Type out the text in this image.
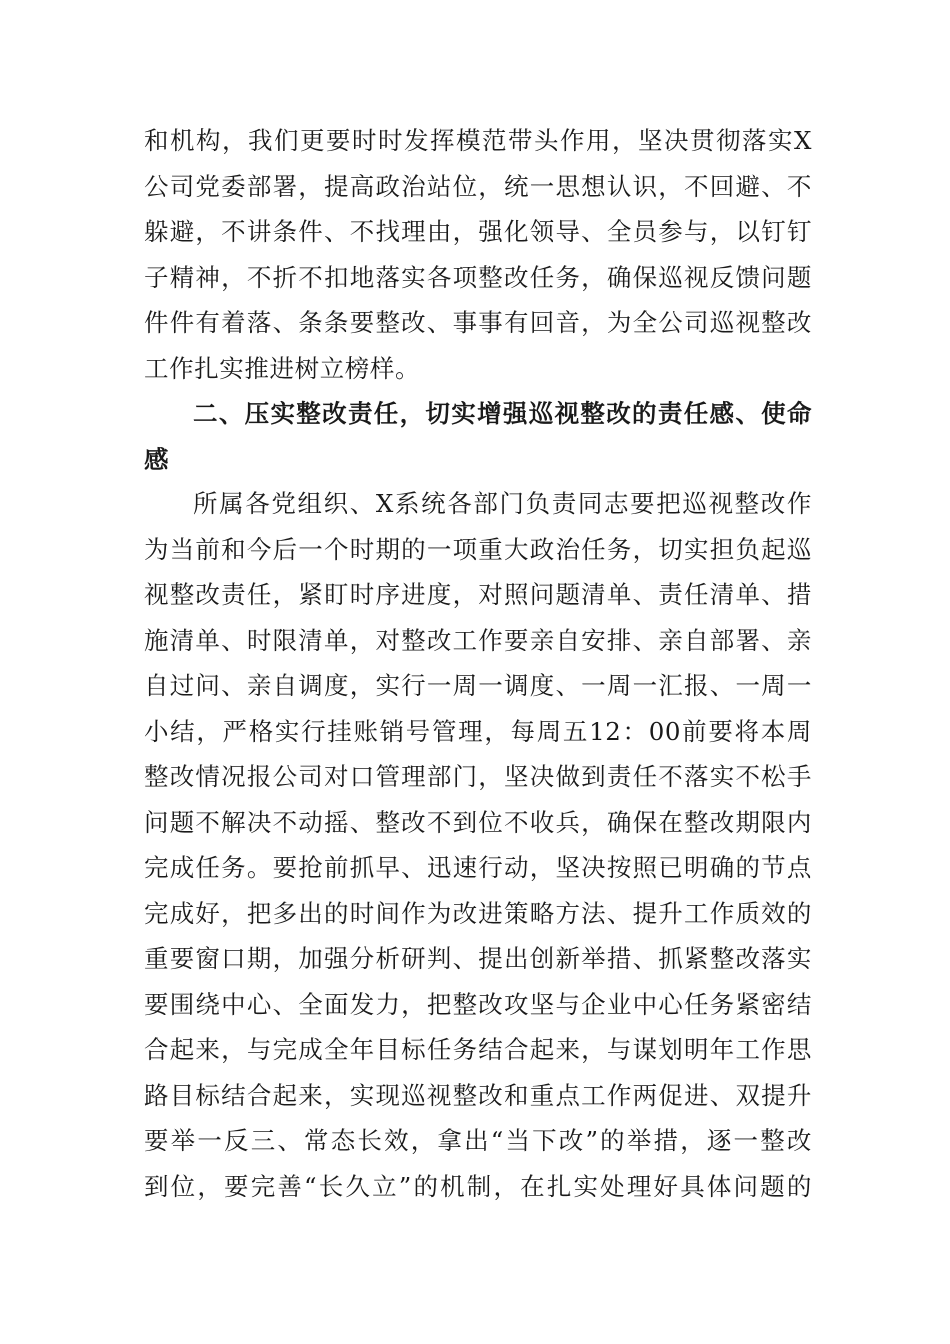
和机构，我们更要时时发挥模范带头作用，坚决贯彻落实X
公司党委部署，提高政治站位，统一思想认识，不回避、不
躲避，不讲条件、不找理由，强化领导、全员参与，以钉钉
子精神，不折不扣地落实各项整改任务，确保巡视反馈问题
件件有着落、条条要整改、事事有回音，为全公司巡视整改
工作扎实推进树立榜样。
二、压实整改责任，切实增强巡视整改的责任感、使命
感
所属各党组织、X系统各部门负责同志要把巡视整改作
为当前和今后一个时期的一项重大政治任务，切实担负起巡
视整改责任，紧盯时序进度，对照问题清单、责任清单、措
施清单、时限清单，对整改工作要亲自安排、亲自部署、亲
自过问、亲自调度，实行一周一调度、一周一汇报、一周一
小结，严格实行挂账销号管理，每周五12：00前要将本周
整改情况报公司对口管理部门，坚决做到责任不落实不松手
问题不解决不动摇、整改不到位不收兵，确保在整改期限内
完成任务。要抢前抓早、迅速行动，坚决按照已明确的节点
完成好，把多出的时间作为改进策略方法、提升工作质效的
重要窗口期，加强分析研判、提出创新举措、抓紧整改落实
要围绕中心、全面发力，把整改攻坚与企业中心任务紧密结
合起来，与完成全年目标任务结合起来，与谋划明年工作思
路目标结合起来，实现巡视整改和重点工作两促进、双提升
要举一反三、常态长效，拿出“当下改”的举措，逐一整改
到位，要完善“长久立”的机制，在扎实处理好具体问题的
